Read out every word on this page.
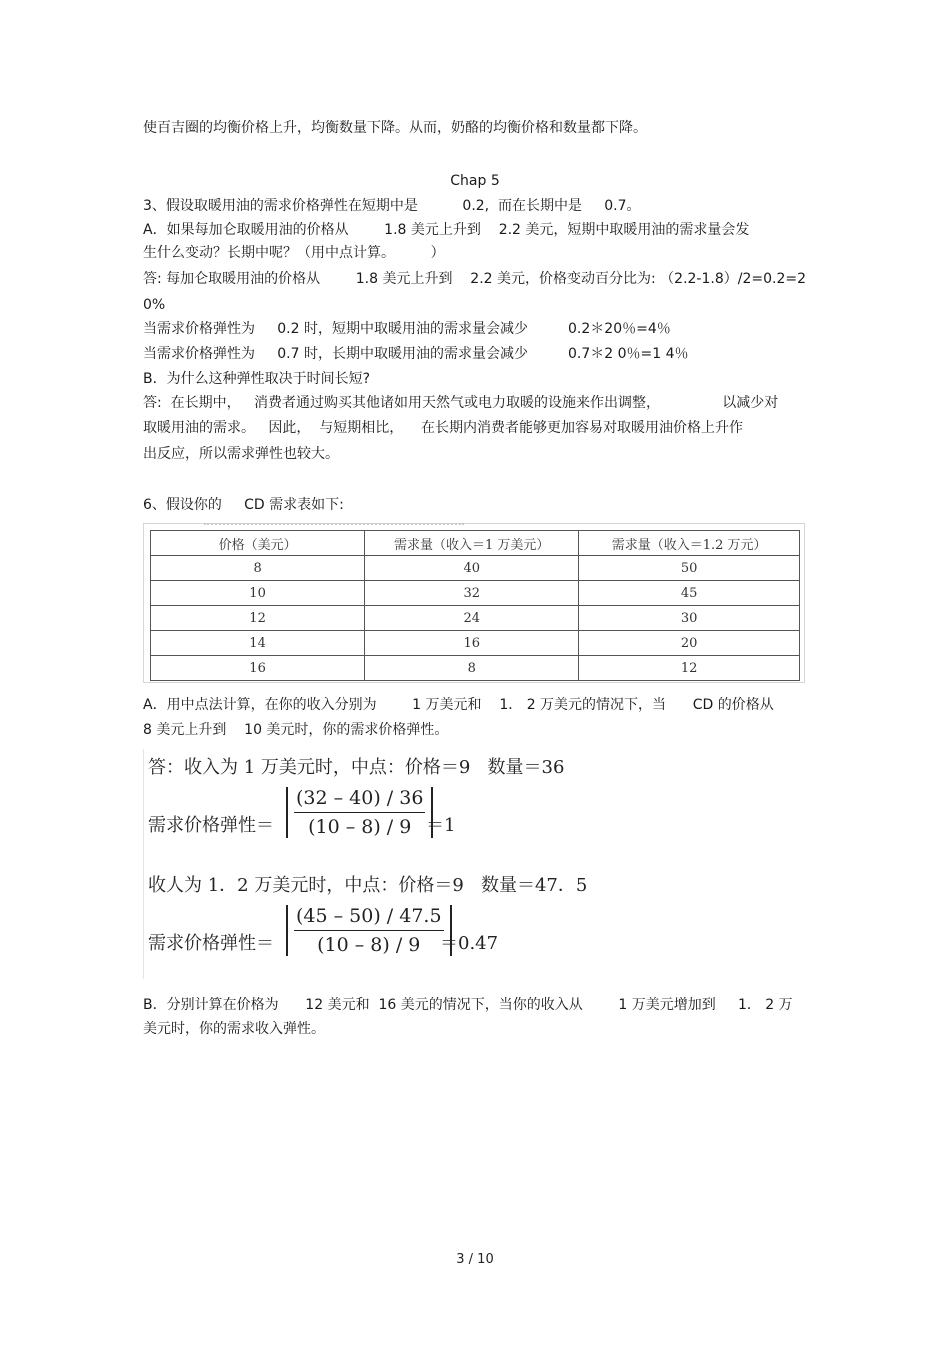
使百吉圈的均衡价格上升，均衡数量下降。从而，奶酪的均衡价格和数量都下降。
Chap 5
3、假设取暖用油的需求价格弹性在短期中是          0.2,  而在长期中是     0.7。
A．如果每加仑取暖用油的价格从        1.8 美元上升到    2.2 美元，短期中取暖用油的需求量会发
生什么变动？长期中呢？（用中点计算。        ）
答: 每加仑取暖用油的价格从        1.8 美元上升到    2.2 美元，价格变动百分比为: （2.2-1.8）/2=0.2=2
0%
当需求价格弹性为     0.2 时，短期中取暖用油的需求量会减少         0.2＊20％=4％
当需求价格弹性为     0.7 时，长期中取暖用油的需求量会减少         0.7＊2 0％=1 4％
B．为什么这种弹性取决于时间长短?
答:  在长期中，   消费者通过购买其他诸如用天然气或电力取暖的设施来作出调整，              以减少对
取暖用油的需求。   因此，  与短期相比，    在长期内消费者能够更加容易对取暖用油价格上升作
出反应，所以需求弹性也较大。
6、假设你的     CD 需求表如下:
价格（美元）	需求量（收入＝1 万美元）	需求量（收入＝1.2 万元）
8	40	50
10	32	45
12	24	30
14	16	20
16	8	12
A．用中点法计算，在你的收入分别为        1 万美元和    1． 2 万美元的情况下，当      CD 的价格从
8 美元上升到    10 美元时，你的需求价格弹性。
答：收入为 1 万美元时，中点：价格＝9   数量＝36
需求价格弹性＝
(32 – 40) / 36
(10 – 8) / 9 ＝1
收人为 1．2 万美元时，中点：价格＝9   数量＝47．5
需求价格弹性＝
(45 – 50) / 47.5
(10 – 8) / 9 ＝0.47
B．分别计算在价格为      12 美元和  16 美元的情况下，当你的收入从        1 万美元增加到     1． 2 万
美元时，你的需求收入弹性。
3 / 10
